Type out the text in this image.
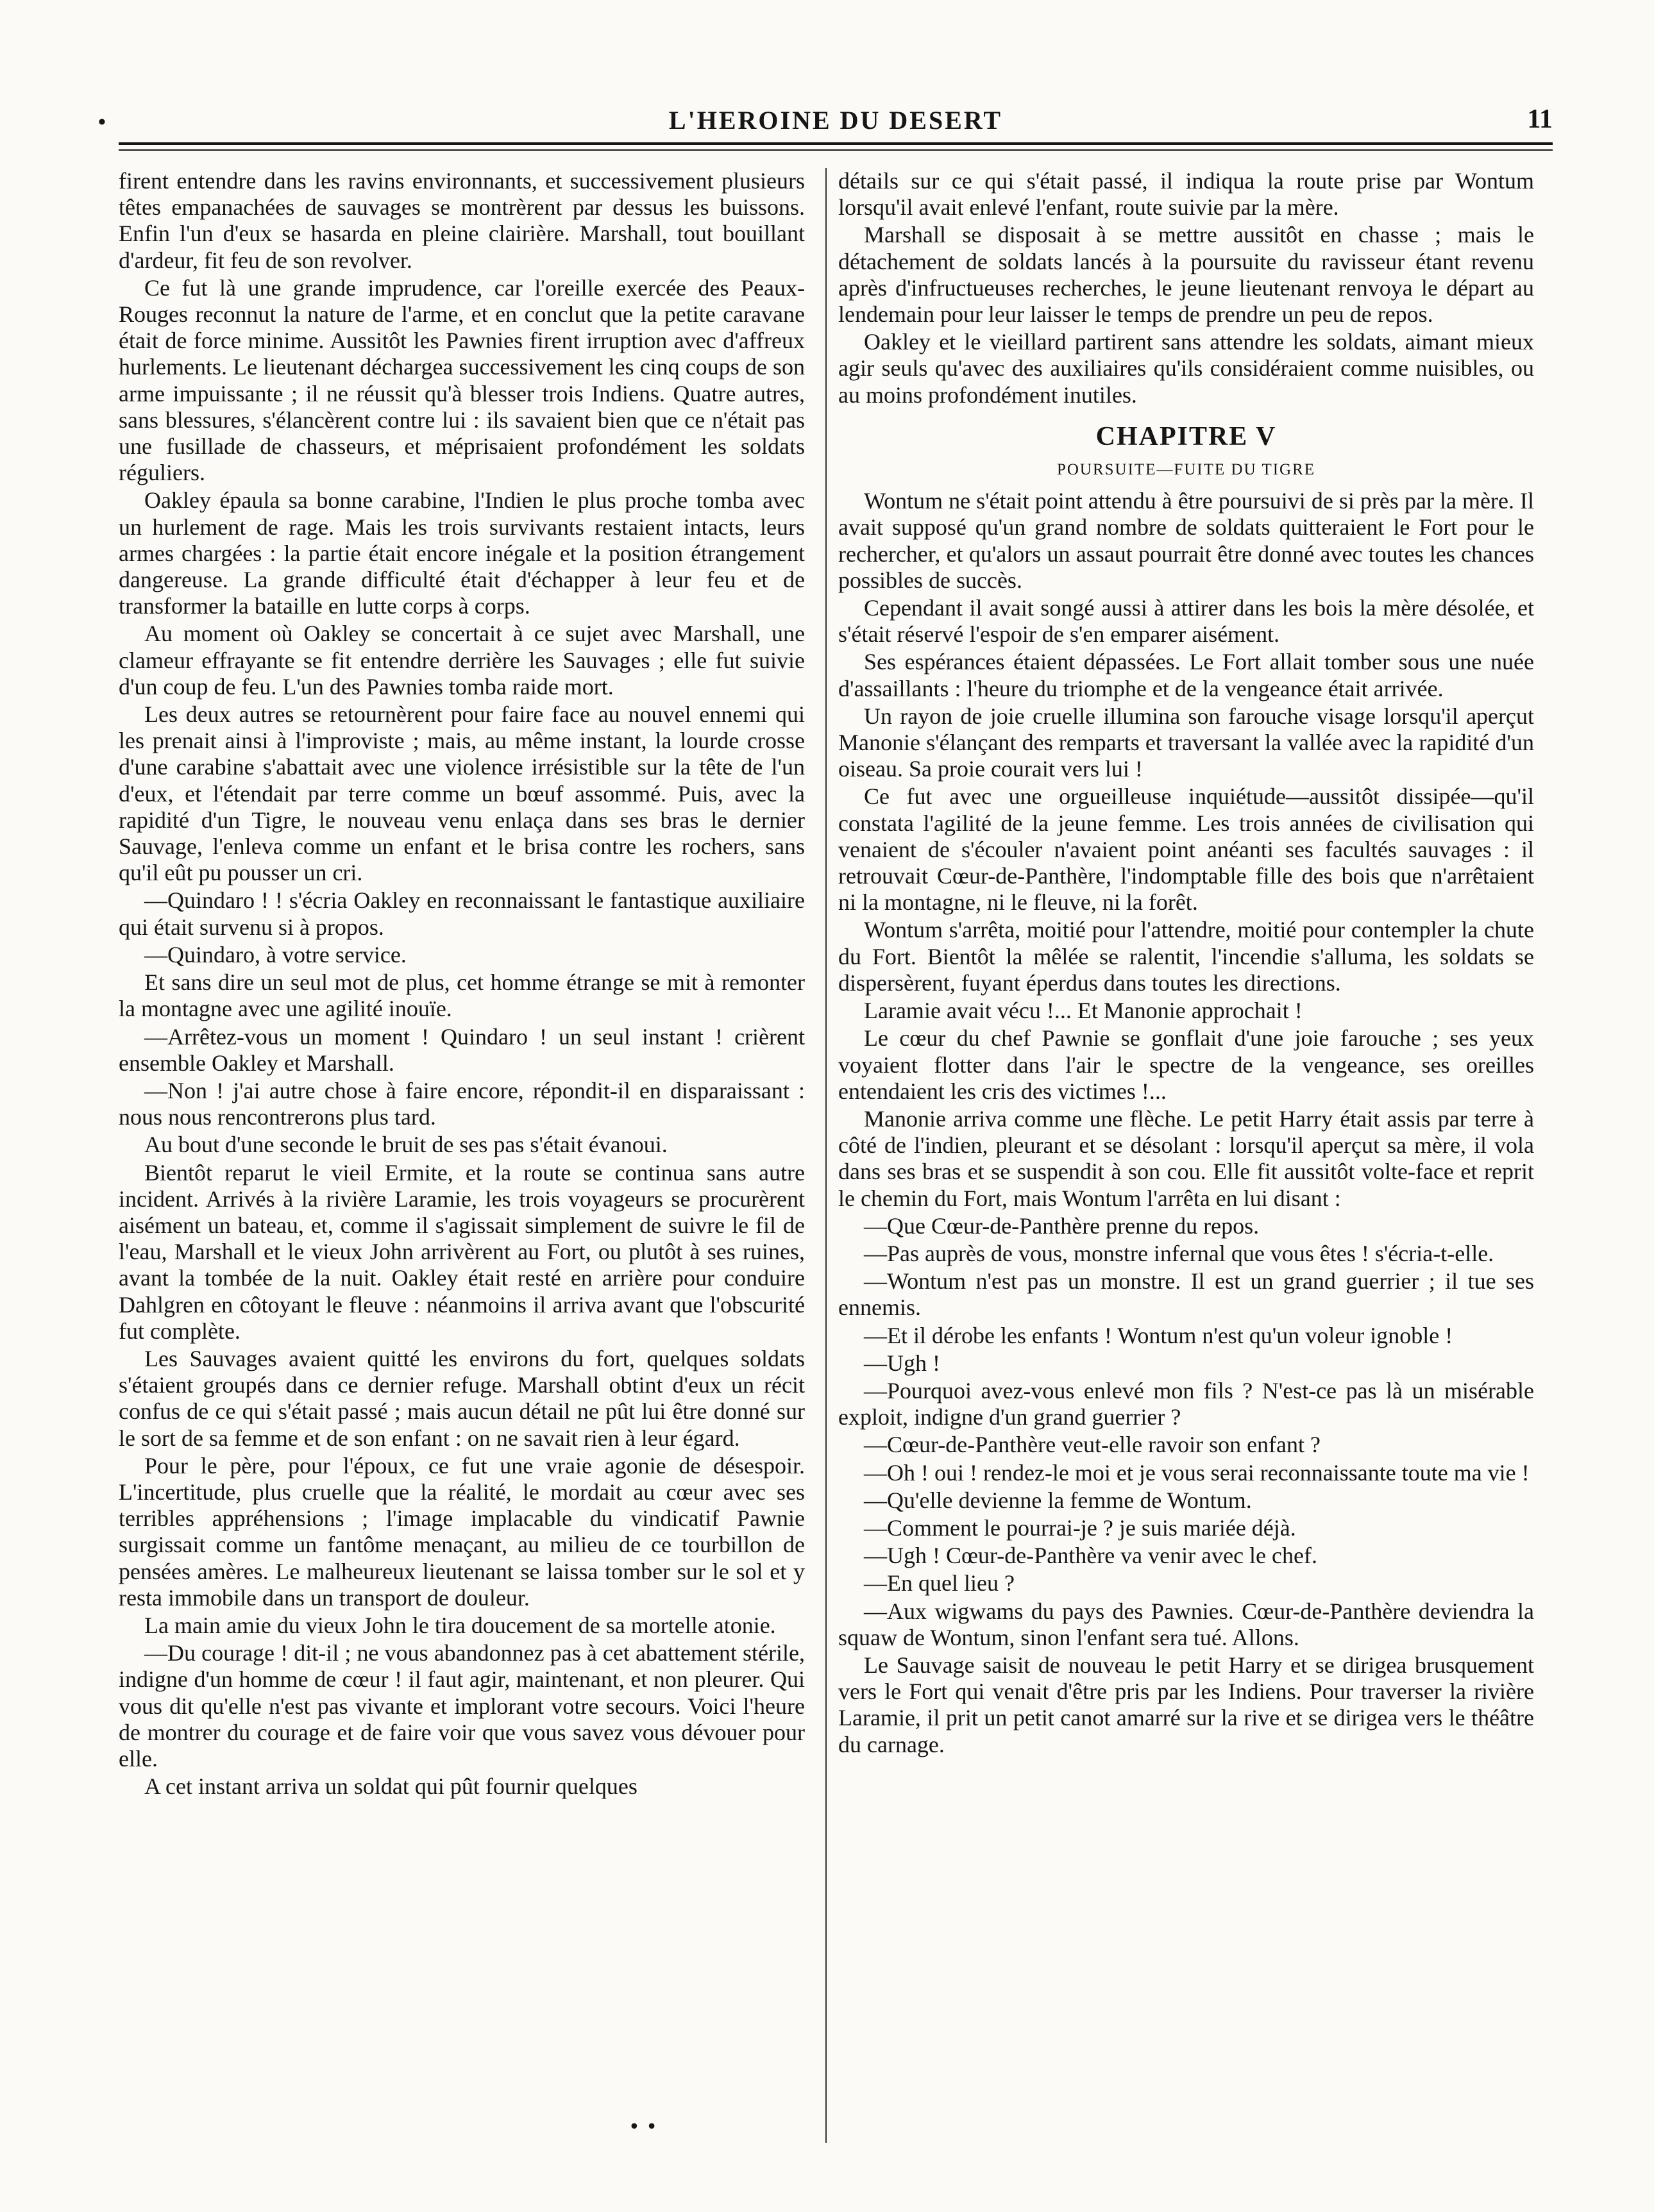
•	L'HEROINE DU DESERT	11

firent entendre dans les ravins environnants, et successivement plusieurs têtes empanachées de sauvages se montrèrent par dessus les buissons. Enfin l'un d'eux se hasarda en pleine clairière. Marshall, tout bouillant d'ardeur, fit feu de son revolver.

Ce fut là une grande imprudence, car l'oreille exercée des Peaux-Rouges reconnut la nature de l'arme, et en conclut que la petite caravane était de force minime. Aussitôt les Pawnies firent irruption avec d'affreux hurlements. Le lieutenant déchargea successivement les cinq coups de son arme impuissante ; il ne réussit qu'à blesser trois Indiens. Quatre autres, sans blessures, s'élancèrent contre lui : ils savaient bien que ce n'était pas une fusillade de chasseurs, et méprisaient profondément les soldats réguliers.

Oakley épaula sa bonne carabine, l'Indien le plus proche tomba avec un hurlement de rage. Mais les trois survivants restaient intacts, leurs armes chargées : la partie était encore inégale et la position étrangement dangereuse. La grande difficulté était d'échapper à leur feu et de transformer la bataille en lutte corps à corps.

Au moment où Oakley se concertait à ce sujet avec Marshall, une clameur effrayante se fit entendre derrière les Sauvages ; elle fut suivie d'un coup de feu. L'un des Pawnies tomba raide mort.

Les deux autres se retournèrent pour faire face au nouvel ennemi qui les prenait ainsi à l'improviste ; mais, au même instant, la lourde crosse d'une carabine s'abattait avec une violence irrésistible sur la tête de l'un d'eux, et l'étendait par terre comme un bœuf assommé. Puis, avec la rapidité d'un Tigre, le nouveau venu enlaça dans ses bras le dernier Sauvage, l'enleva comme un enfant et le brisa contre les rochers, sans qu'il eût pu pousser un cri.

—Quindaro ! ! s'écria Oakley en reconnaissant le fantastique auxiliaire qui était survenu si à propos.

—Quindaro, à votre service.

Et sans dire un seul mot de plus, cet homme étrange se mit à remonter la montagne avec une agilité inouïe.

—Arrêtez-vous un moment ! Quindaro ! un seul instant ! crièrent ensemble Oakley et Marshall.

—Non ! j'ai autre chose à faire encore, répondit-il en disparaissant : nous nous rencontrerons plus tard.

Au bout d'une seconde le bruit de ses pas s'était évanoui.

Bientôt reparut le vieil Ermite, et la route se continua sans autre incident. Arrivés à la rivière Laramie, les trois voyageurs se procurèrent aisément un bateau, et, comme il s'agissait simplement de suivre le fil de l'eau, Marshall et le vieux John arrivèrent au Fort, ou plutôt à ses ruines, avant la tombée de la nuit. Oakley était resté en arrière pour conduire Dahlgren en côtoyant le fleuve : néanmoins il arriva avant que l'obscurité fut complète.

Les Sauvages avaient quitté les environs du fort, quelques soldats s'étaient groupés dans ce dernier refuge. Marshall obtint d'eux un récit confus de ce qui s'était passé ; mais aucun détail ne pût lui être donné sur le sort de sa femme et de son enfant : on ne savait rien à leur égard.

Pour le père, pour l'époux, ce fut une vraie agonie de désespoir. L'incertitude, plus cruelle que la réalité, le mordait au cœur avec ses terribles appréhensions ; l'image implacable du vindicatif Pawnie surgissait comme un fantôme menaçant, au milieu de ce tourbillon de pensées amères. Le malheureux lieutenant se laissa tomber sur le sol et y resta immobile dans un transport de douleur.

La main amie du vieux John le tira doucement de sa mortelle atonie.

—Du courage ! dit-il ; ne vous abandonnez pas à cet abattement stérile, indigne d'un homme de cœur ! il faut agir, maintenant, et non pleurer. Qui vous dit qu'elle n'est pas vivante et implorant votre secours. Voici l'heure de montrer du courage et de faire voir que vous savez vous dévouer pour elle.

A cet instant arriva un soldat qui pût fournir quelques

détails sur ce qui s'était passé, il indiqua la route prise par Wontum lorsqu'il avait enlevé l'enfant, route suivie par la mère.

Marshall se disposait à se mettre aussitôt en chasse ; mais le détachement de soldats lancés à la poursuite du ravisseur étant revenu après d'infructueuses recherches, le jeune lieutenant renvoya le départ au lendemain pour leur laisser le temps de prendre un peu de repos.

Oakley et le vieillard partirent sans attendre les soldats, aimant mieux agir seuls qu'avec des auxiliaires qu'ils considéraient comme nuisibles, ou au moins profondément inutiles.

CHAPITRE V
POURSUITE—FUITE DU TIGRE

Wontum ne s'était point attendu à être poursuivi de si près par la mère. Il avait supposé qu'un grand nombre de soldats quitteraient le Fort pour le rechercher, et qu'alors un assaut pourrait être donné avec toutes les chances possibles de succès.

Cependant il avait songé aussi à attirer dans les bois la mère désolée, et s'était réservé l'espoir de s'en emparer aisément.

Ses espérances étaient dépassées. Le Fort allait tomber sous une nuée d'assaillants : l'heure du triomphe et de la vengeance était arrivée.

Un rayon de joie cruelle illumina son farouche visage lorsqu'il aperçut Manonie s'élançant des remparts et traversant la vallée avec la rapidité d'un oiseau. Sa proie courait vers lui !

Ce fut avec une orgueilleuse inquiétude—aussitôt dissipée—qu'il constata l'agilité de la jeune femme. Les trois années de civilisation qui venaient de s'écouler n'avaient point anéanti ses facultés sauvages : il retrouvait Cœur-de-Panthère, l'indomptable fille des bois que n'arrêtaient ni la montagne, ni le fleuve, ni la forêt.

Wontum s'arrêta, moitié pour l'attendre, moitié pour contempler la chute du Fort. Bientôt la mêlée se ralentit, l'incendie s'alluma, les soldats se dispersèrent, fuyant éperdus dans toutes les directions.

Laramie avait vécu !... Et Manonie approchait !

Le cœur du chef Pawnie se gonflait d'une joie farouche ; ses yeux voyaient flotter dans l'air le spectre de la vengeance, ses oreilles entendaient les cris des victimes !...

Manonie arriva comme une flèche. Le petit Harry était assis par terre à côté de l'indien, pleurant et se désolant : lorsqu'il aperçut sa mère, il vola dans ses bras et se suspendit à son cou. Elle fit aussitôt volte-face et reprit le chemin du Fort, mais Wontum l'arrêta en lui disant :

—Que Cœur-de-Panthère prenne du repos.

—Pas auprès de vous, monstre infernal que vous êtes ! s'écria-t-elle.

—Wontum n'est pas un monstre. Il est un grand guerrier ; il tue ses ennemis.

—Et il dérobe les enfants ! Wontum n'est qu'un voleur ignoble !

—Ugh !

—Pourquoi avez-vous enlevé mon fils ? N'est-ce pas là un misérable exploit, indigne d'un grand guerrier ?

—Cœur-de-Panthère veut-elle ravoir son enfant ?

—Oh ! oui ! rendez-le moi et je vous serai reconnaissante toute ma vie !

—Qu'elle devienne la femme de Wontum.

—Comment le pourrai-je ? je suis mariée déjà.

—Ugh ! Cœur-de-Panthère va venir avec le chef.

—En quel lieu ?

—Aux wigwams du pays des Pawnies. Cœur-de-Panthère deviendra la squaw de Wontum, sinon l'enfant sera tué. Allons.

Le Sauvage saisit de nouveau le petit Harry et se dirigea brusquement vers le Fort qui venait d'être pris par les Indiens. Pour traverser la rivière Laramie, il prit un petit canot amarré sur la rive et se dirigea vers le théâtre du carnage.

• •
